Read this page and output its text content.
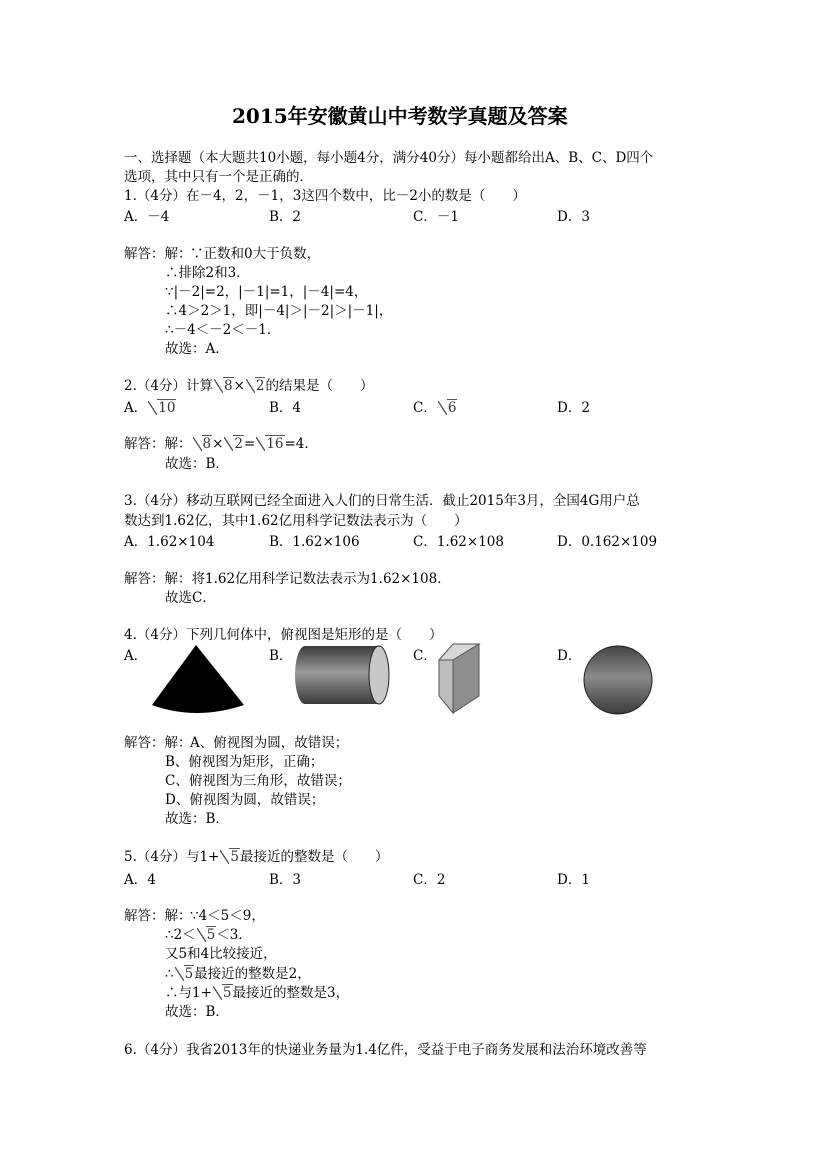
2015年安徽黄山中考数学真题及答案
一、选择题（本大题共10小题，每小题4分，满分40分）每小题都给出A、B、C、D四个
选项，其中只有一个是正确的．
1.（4分）在－4，2，－1，3这四个数中，比－2小的数是（　　）
A．－4	B．2	C．－1	D．3
解答：解：
∵正数和0大于负数，
∴排除2和3．
∵|－2|=2，|－1|=1，|－4|=4，
∴4＞2＞1，即|－4|＞|－2|＞|－1|，
∴－4＜－2＜－1．
故选：A．
2.（4分）计算 8× 2的结果是（　　）
A． 10	B．4	C． 6	D．2
解答：解： 8× 2= 16=4．
故选：B．
3.（4分）移动互联网已经全面进入人们的日常生活．截止2015年3月，全国4G用户总
数达到1.62亿，其中1.62亿用科学记数法表示为（　　）
A．1.62×104	B．1.62×106	C．1.62×108	D．0.162×109
解答：解：将1.62亿用科学记数法表示为1.62×108．
故选C．
4.（4分）下列几何体中，俯视图是矩形的是（　　）
A．	B．	C．	D．
解答：解：
A、俯视图为圆，故错误；
B、俯视图为矩形，正确；
C、俯视图为三角形，故错误；
D、俯视图为圆，故错误；
故选：B．
5.（4分）与1+ 5最接近的整数是（　　）
A．4	B．3	C．2	D．1
解答：解：
∵4＜5＜9，
∴2＜ 5＜3．
又5和4比较接近，
∴ 5最接近的整数是2，
∴与1+ 5最接近的整数是3，
故选：B．
6.（4分）我省2013年的快递业务量为1.4亿件，受益于电子商务发展和法治环境改善等
